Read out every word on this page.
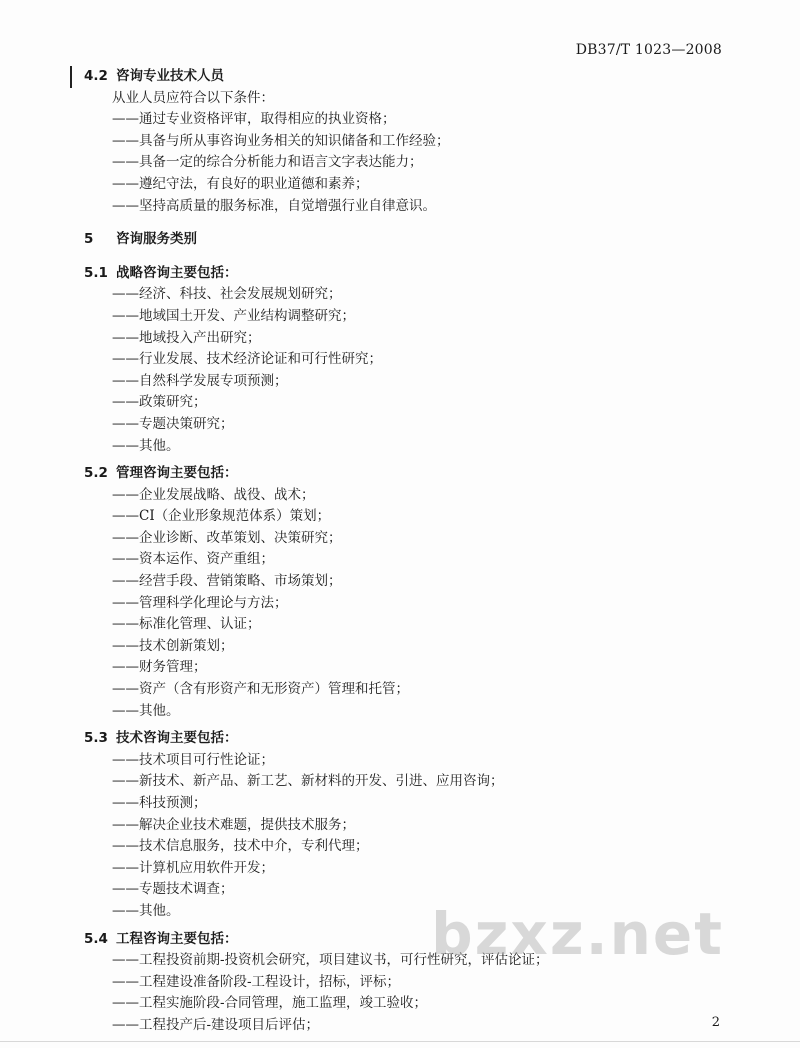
DB37/T 1023—2008
4.2 咨询专业技术人员
从业人员应符合以下条件：
——通过专业资格评审，取得相应的执业资格；
——具备与所从事咨询业务相关的知识储备和工作经验；
——具备一定的综合分析能力和语言文字表达能力；
——遵纪守法，有良好的职业道德和素养；
——坚持高质量的服务标准，自觉增强行业自律意识。
5 咨询服务类别
5.1 战略咨询主要包括：
——经济、科技、社会发展规划研究；
——地域国土开发、产业结构调整研究；
——地域投入产出研究；
——行业发展、技术经济论证和可行性研究；
——自然科学发展专项预测；
——政策研究；
——专题决策研究；
——其他。
5.2 管理咨询主要包括：
——企业发展战略、战役、战术；
——CI（企业形象规范体系）策划；
——企业诊断、改革策划、决策研究；
——资本运作、资产重组；
——经营手段、营销策略、市场策划；
——管理科学化理论与方法；
——标准化管理、认证；
——技术创新策划；
——财务管理；
——资产（含有形资产和无形资产）管理和托管；
——其他。
5.3 技术咨询主要包括：
——技术项目可行性论证；
——新技术、新产品、新工艺、新材料的开发、引进、应用咨询；
——科技预测；
——解决企业技术难题，提供技术服务；
——技术信息服务，技术中介，专利代理；
——计算机应用软件开发；
——专题技术调查；
——其他。
5.4 工程咨询主要包括：
——工程投资前期-投资机会研究，项目建议书，可行性研究，评估论证；
——工程建设准备阶段-工程设计，招标，评标；
——工程实施阶段-合同管理，施工监理，竣工验收；
——工程投产后-建设项目后评估；
bzxz.net
2
